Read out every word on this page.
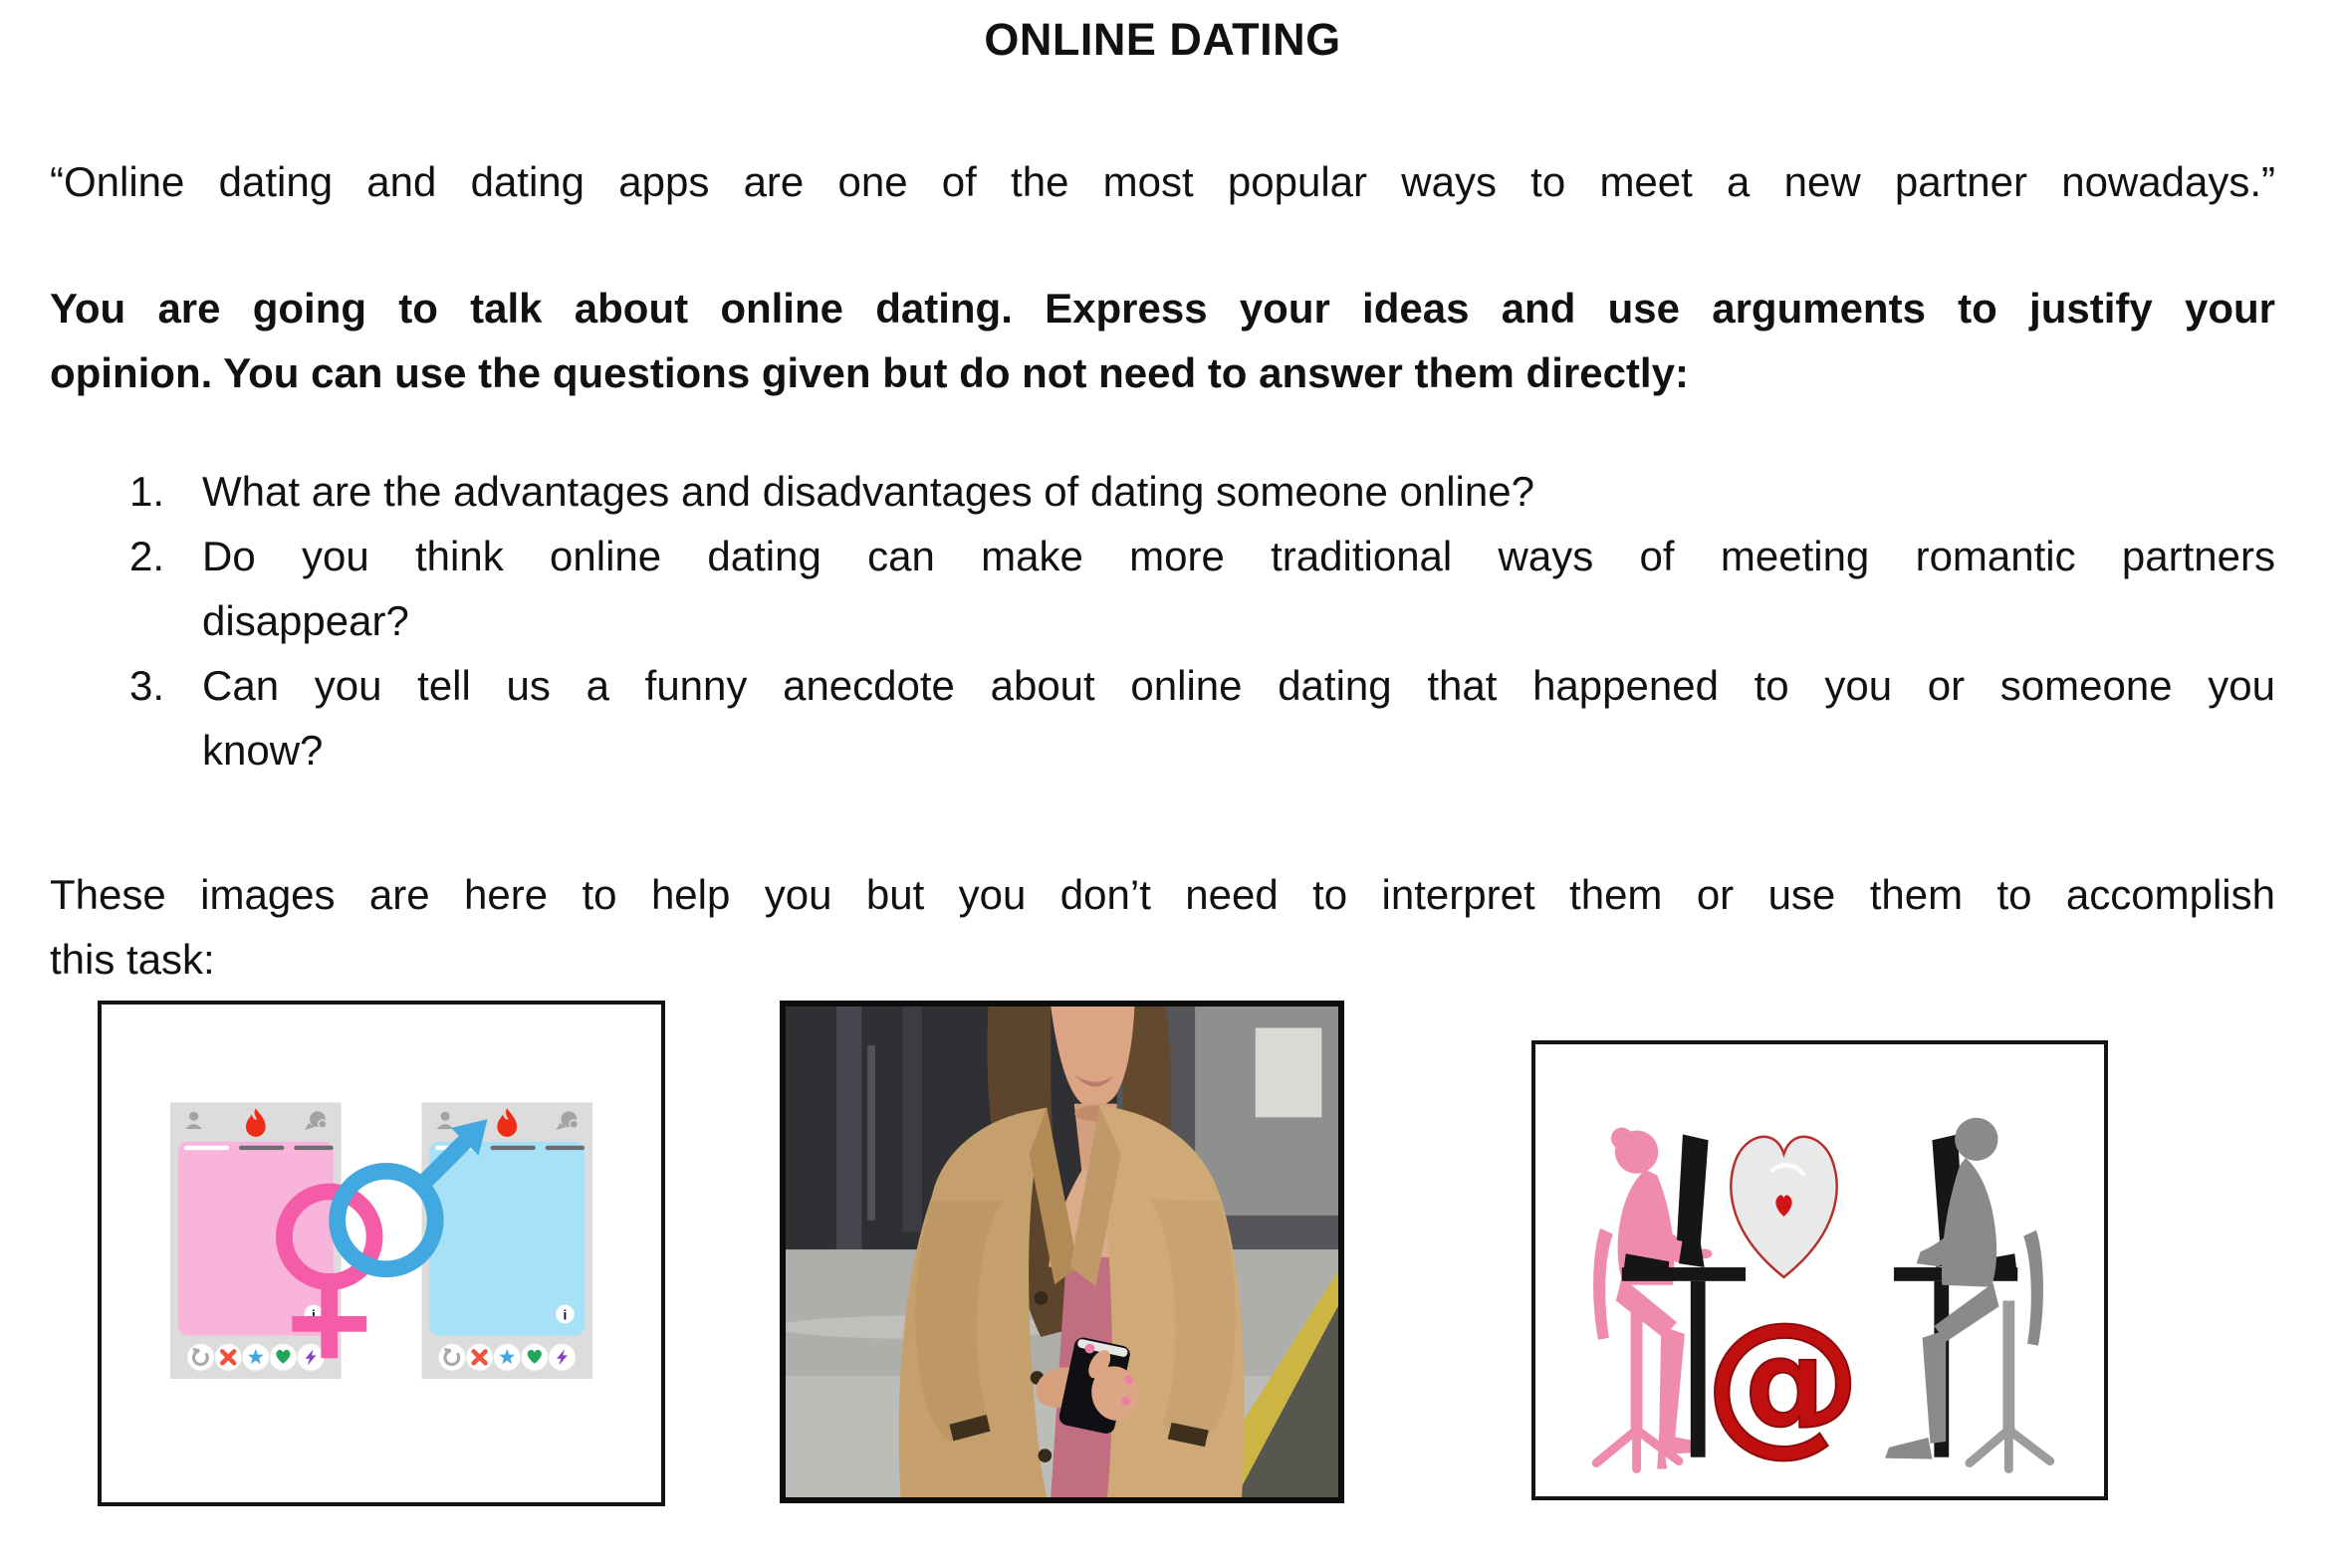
ONLINE DATING
“Online dating and dating apps are one of the most popular ways to meet a new partner nowadays.”
You are going to talk about online dating. Express your ideas and use arguments to justify your
opinion. You can use the questions given but do not need to answer them directly:
1. What are the advantages and disadvantages of dating someone online?
2. Do you think online dating can make more traditional ways of meeting romantic partners
disappear?
3. Can you tell us a funny anecdote about online dating that happened to you or someone you
know?
These images are here to help you but you don’t need to interpret them or use them to accomplish
this task:
@
